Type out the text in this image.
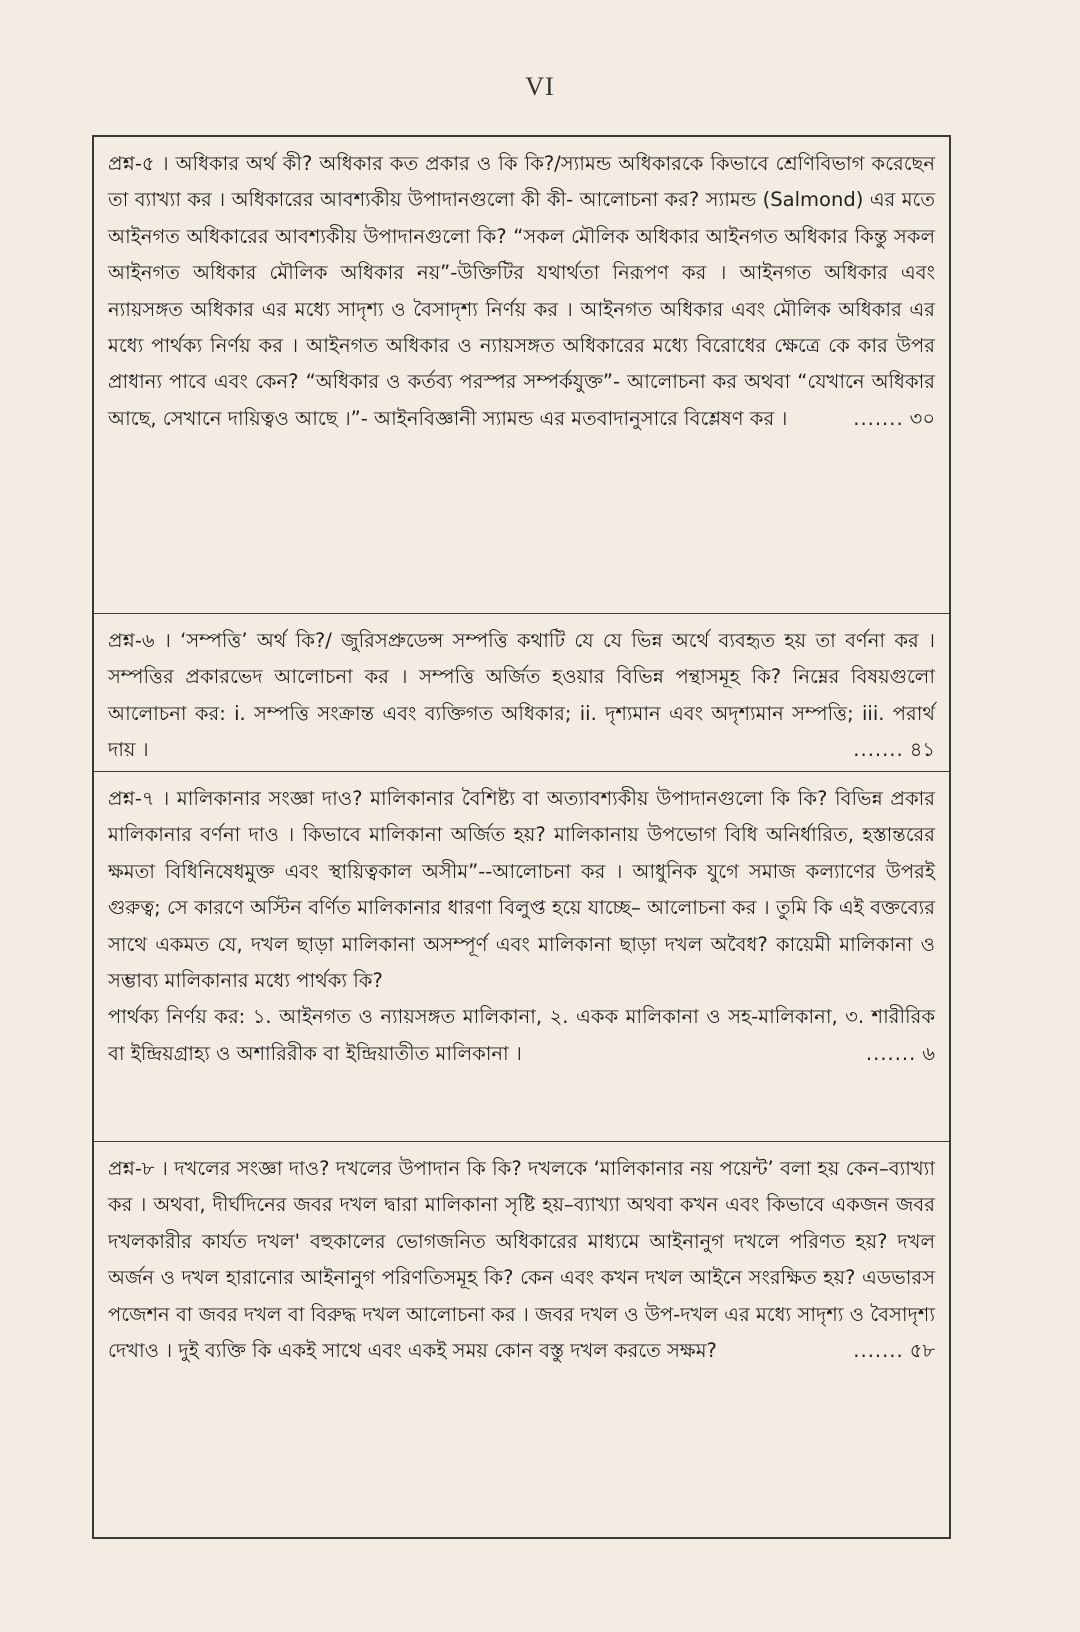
VI

প্রশ্ন-৫ । অধিকার অর্থ কী? অধিকার কত প্রকার ও কি কি?/স্যামন্ড অধিকারকে কিভাবে শ্রেণিবিভাগ করেছেন তা ব্যাখ্যা কর । অধিকারের আবশ্যকীয় উপাদানগুলো কী কী- আলোচনা কর? স্যামন্ড (Salmond) এর মতে আইনগত অধিকারের আবশ্যকীয় উপাদানগুলো কি? “সকল মৌলিক অধিকার আইনগত অধিকার কিন্তু সকল আইনগত অধিকার মৌলিক অধিকার নয়”-উক্তিটির যথার্থতা নিরূপণ কর । আইনগত অধিকার এবং ন্যায়সঙ্গত অধিকার এর মধ্যে সাদৃশ্য ও বৈসাদৃশ্য নির্ণয় কর । আইনগত অধিকার এবং মৌলিক অধিকার এর মধ্যে পার্থক্য নির্ণয় কর । আইনগত অধিকার ও ন্যায়সঙ্গত অধিকারের মধ্যে বিরোধের ক্ষেত্রে কে কার উপর প্রাধান্য পাবে এবং কেন? “অধিকার ও কর্তব্য পরস্পর সম্পর্কযুক্ত”- আলোচনা কর অথবা “যেখানে অধিকার আছে, সেখানে দায়িত্বও আছে ।”- আইনবিজ্ঞানী স্যামন্ড এর মতবাদানুসারে বিশ্লেষণ কর ।	....... ৩০

প্রশ্ন-৬ । ‘সম্পত্তি’ অর্থ কি?/ জুরিসপ্রুডেন্স সম্পত্তি কথাটি যে যে ভিন্ন অর্থে ব্যবহৃত হয় তা বর্ণনা কর । সম্পত্তির প্রকারভেদ আলোচনা কর । সম্পত্তি অর্জিত হওয়ার বিভিন্ন পন্থাসমূহ কি? নিম্নের বিষয়গুলো আলোচনা কর: i. সম্পত্তি সংক্রান্ত এবং ব্যক্তিগত অধিকার; ii. দৃশ্যমান এবং অদৃশ্যমান সম্পত্তি; iii. পরার্থ দায় ।	....... ৪১

প্রশ্ন-৭ । মালিকানার সংজ্ঞা দাও? মালিকানার বৈশিষ্ট্য বা অত্যাবশ্যকীয় উপাদানগুলো কি কি? বিভিন্ন প্রকার মালিকানার বর্ণনা দাও । কিভাবে মালিকানা অর্জিত হয়? মালিকানায় উপভোগ বিধি অনির্ধারিত, হস্তান্তরের ক্ষমতা বিধিনিষেধমুক্ত এবং স্থায়িত্বকাল অসীম”--আলোচনা কর । আধুনিক যুগে সমাজ কল্যাণের উপরই গুরুত্ব; সে কারণে অস্টিন বর্ণিত মালিকানার ধারণা বিলুপ্ত হয়ে যাচ্ছে– আলোচনা কর । তুমি কি এই বক্তব্যের সাথে একমত যে, দখল ছাড়া মালিকানা অসম্পূর্ণ এবং মালিকানা ছাড়া দখল অবৈধ? কায়েমী মালিকানা ও সম্ভাব্য মালিকানার মধ্যে পার্থক্য কি?
পার্থক্য নির্ণয় কর: ১. আইনগত ও ন্যায়সঙ্গত মালিকানা, ২. একক মালিকানা ও সহ-মালিকানা, ৩. শারীরিক বা ইন্দ্রিয়গ্রাহ্য ও অশারিরীক বা ইন্দ্রিয়াতীত মালিকানা ।	....... ৬

প্রশ্ন-৮ । দখলের সংজ্ঞা দাও? দখলের উপাদান কি কি? দখলকে ‘মালিকানার নয় পয়েন্ট’ বলা হয় কেন–ব্যাখ্যা কর । অথবা, দীর্ঘদিনের জবর দখল দ্বারা মালিকানা সৃষ্টি হয়–ব্যাখ্যা অথবা কখন এবং কিভাবে একজন জবর দখলকারীর কার্যত দখল' বহুকালের ভোগজনিত অধিকারের মাধ্যমে আইনানুগ দখলে পরিণত হয়? দখল অর্জন ও দখল হারানোর আইনানুগ পরিণতিসমূহ কি? কেন এবং কখন দখল আইনে সংরক্ষিত হয়? এডভারস পজেশন বা জবর দখল বা বিরুদ্ধ দখল আলোচনা কর । জবর দখল ও উপ-দখল এর মধ্যে সাদৃশ্য ও বৈসাদৃশ্য দেখাও । দুই ব্যক্তি কি একই সাথে এবং একই সময় কোন বস্তু দখল করতে সক্ষম?	....... ৫৮
